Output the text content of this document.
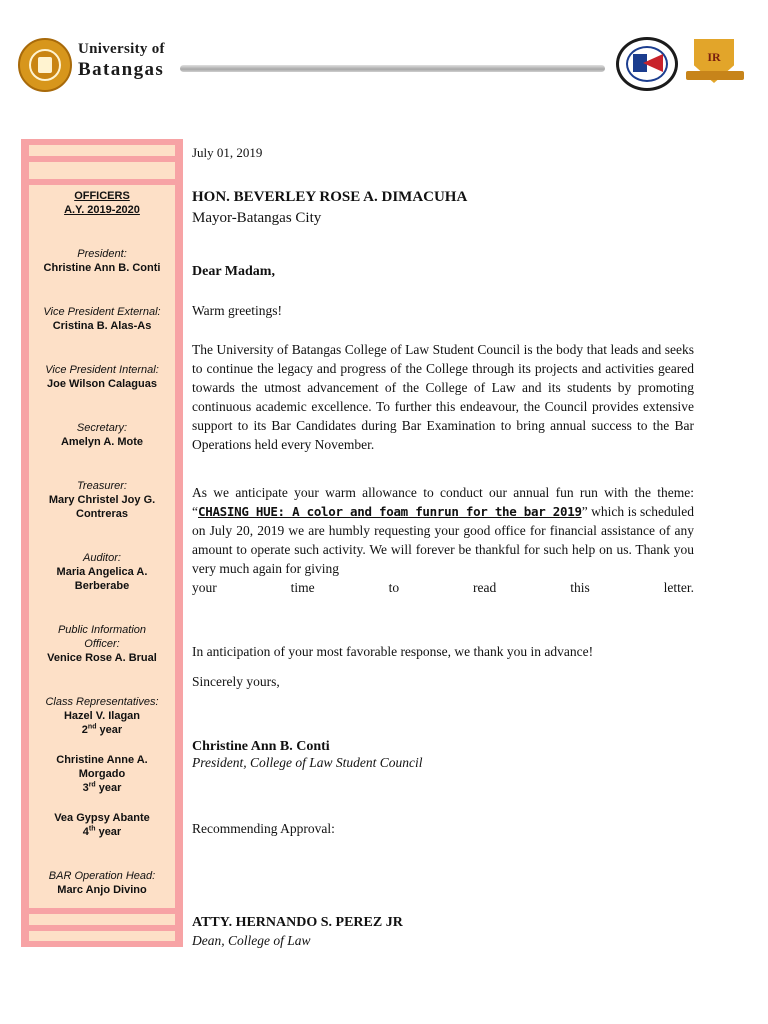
University of
Batangas
IR
OFFICERS
A.Y. 2019-2020
President:
Christine Ann B. Conti
Vice President External:
Cristina B. Alas-As
Vice President Internal:
Joe Wilson Calaguas
Secretary:
Amelyn A. Mote
Treasurer:
Mary Christel Joy G. Contreras
Auditor:
Maria Angelica A. Berberabe
Public Information Officer:
Venice Rose A. Brual
Class Representatives:
Hazel V. Ilagan
2nd year
Christine Anne A. Morgado
3rd year
Vea Gypsy Abante
4th year
BAR Operation Head:
Marc Anjo Divino
July 01, 2019
HON. BEVERLEY ROSE A. DIMACUHA
Mayor-Batangas City
Dear Madam,
Warm greetings!
The University of Batangas College of Law Student Council is the body that leads and seeks to continue the legacy and progress of the College through its projects and activities geared towards the utmost advancement of the College of Law and its students by promoting continuous academic excellence. To further this endeavour, the Council provides extensive support to its Bar Candidates during Bar Examination to bring annual success to the Bar Operations held every November.
As we anticipate your warm allowance to conduct our annual fun run with the theme: “CHASING HUE: A color and foam funrun for the bar 2019” which is scheduled on July 20, 2019 we are humbly requesting your good office for financial assistance of any amount to operate such activity. We will forever be thankful for such help on us. Thank you very much again for giving
your	time	to	read	this	letter.
In anticipation of your most favorable response, we thank you in advance!
Sincerely yours,
Christine Ann B. Conti
President, College of Law Student Council
Recommending Approval:
ATTY. HERNANDO S. PEREZ JR
Dean, College of Law
